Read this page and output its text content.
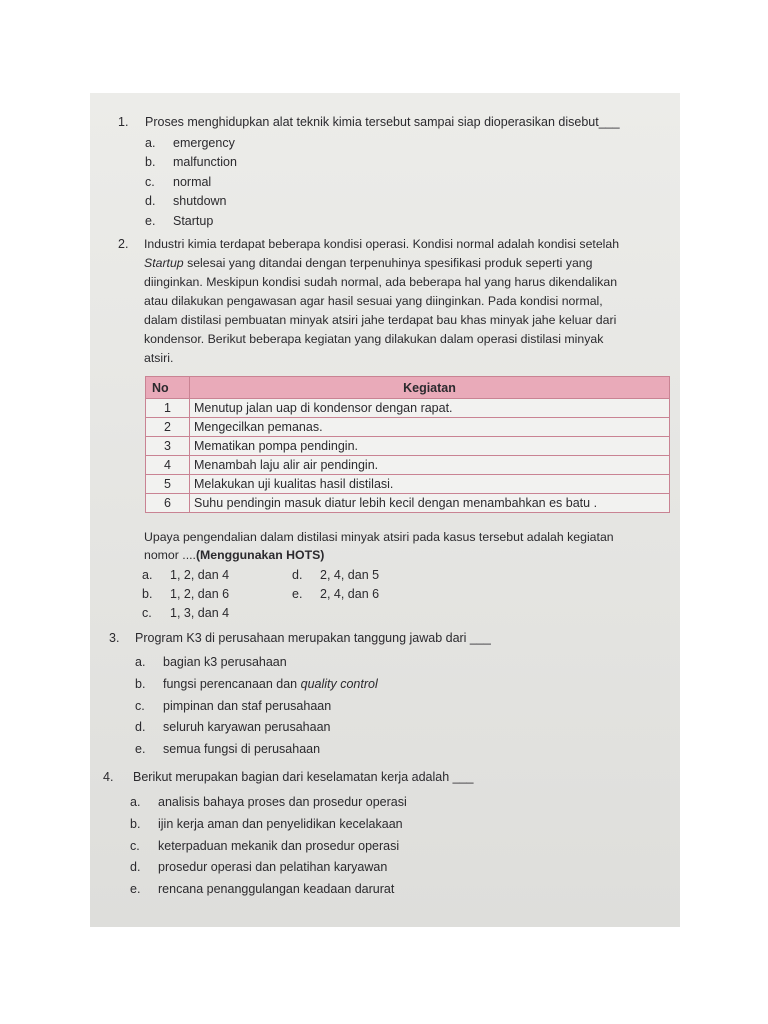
1. Proses menghidupkan alat teknik kimia tersebut sampai siap dioperasikan disebut___
a. emergency
b. malfunction
c. normal
d. shutdown
e. Startup
2. Industri kimia terdapat beberapa kondisi operasi. Kondisi normal adalah kondisi setelah
Startup selesai yang ditandai dengan terpenuhinya spesifikasi produk seperti yang
diinginkan. Meskipun kondisi sudah normal, ada beberapa hal yang harus dikendalikan
atau dilakukan pengawasan agar hasil sesuai yang diinginkan. Pada kondisi normal,
dalam distilasi pembuatan minyak atsiri jahe terdapat bau khas minyak jahe keluar dari
kondensor. Berikut beberapa kegiatan yang dilakukan dalam operasi distilasi minyak
atsiri.
No	Kegiatan
1	Menutup jalan uap di kondensor dengan rapat.
2	Mengecilkan pemanas.
3	Mematikan pompa pendingin.
4	Menambah laju alir air pendingin.
5	Melakukan uji kualitas hasil distilasi.
6	Suhu pendingin masuk diatur lebih kecil dengan menambahkan es batu .
Upaya pengendalian dalam distilasi minyak atsiri pada kasus tersebut adalah kegiatan
nomor ....(Menggunakan HOTS)
a. 1, 2, dan 4
b. 1, 2, dan 6
c. 1, 3, dan 4
d. 2, 4, dan 5
e. 2, 4, dan 6
3. Program K3 di perusahaan merupakan tanggung jawab dari ___
a. bagian k3 perusahaan
b. fungsi perencanaan dan quality control
c. pimpinan dan staf perusahaan
d. seluruh karyawan perusahaan
e. semua fungsi di perusahaan
4. Berikut merupakan bagian dari keselamatan kerja adalah ___
a. analisis bahaya proses dan prosedur operasi
b. ijin kerja aman dan penyelidikan kecelakaan
c. keterpaduan mekanik dan prosedur operasi
d. prosedur operasi dan pelatihan karyawan
e. rencana penanggulangan keadaan darurat
